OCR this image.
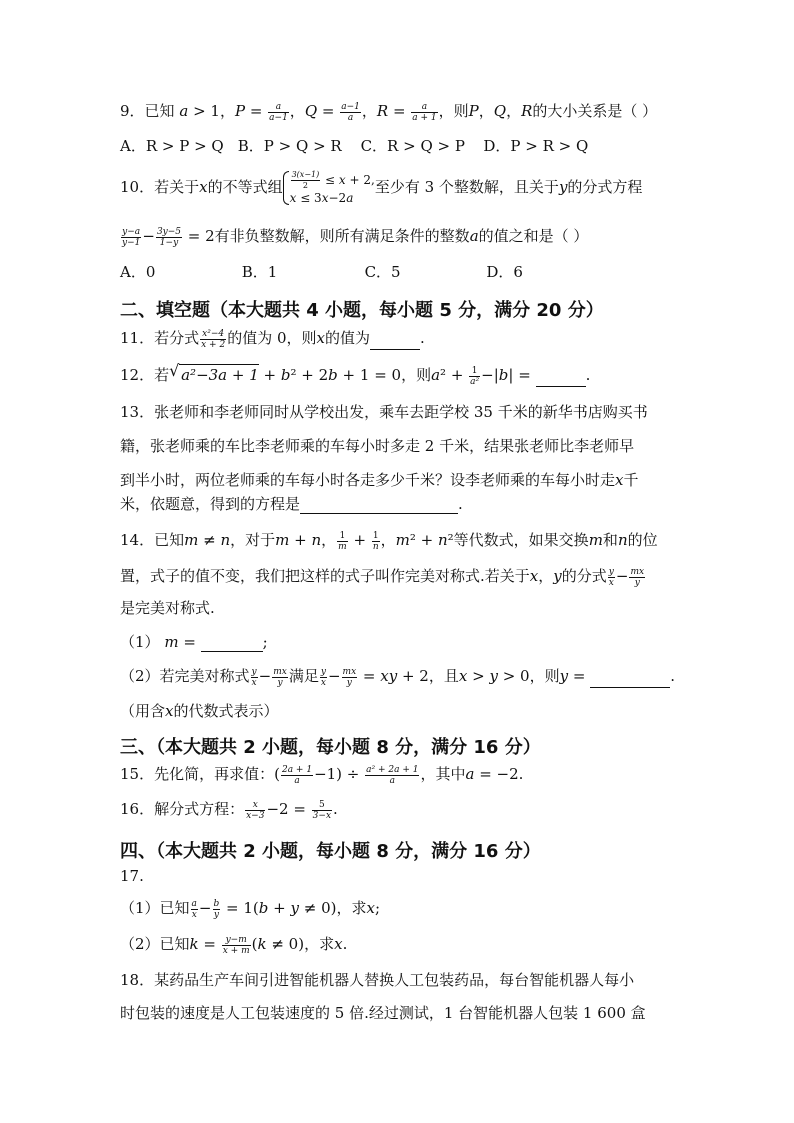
9．已知 a > 1，$P = \frac{a}{a-1}$ ，$Q = \frac{a-1}{a}$ ，$R = \frac{a}{a + 1}$ ，则P，Q，R的大小关系是（ ）
A．R > P > Q B．P > Q > R C．R > Q > P D．P > R > Q
10．若关于x的不等式组 $\frac{3(x-1)}{2} \le x + 2$,
x ≤ 3x−2a
至少有 3 个整数解，且关于y的分式方程
$\frac{y-a}{y-1} - \frac{3y-5}{1-y} = 2$有非负整数解，则所有满足条件的整数a的值之和是（ ）
A．0	B．1	C．5	D．6
二、填空题（本大题共 4 小题，每小题 5 分，满分 20 分）
11．若分式 $\frac{\text{x²−4}}{x + 2}$ 的值为 0，则x的值为	.
12．若√ a²−3a + 1 + b² + 2b + 1 = 0，则$a^2 + \frac{1}{\text{a²}} -|b|$ =	.
13．张老师和李老师同时从学校出发，乘车去距学校 35 千米的新华书店购买书
籍，张老师乘的车比李老师乘的车每小时多走 2 千米，结果张老师比李老师早
到半小时，两位老师乘的车每小时各走多少千米？设李老师乘的车每小时走x千
米，依题意，得到的方程是	.
14．已知m ≠ n，对于m + n， $\frac{1}{m} + \frac{1}{n}$ ，m² + n²等代数式，如果交换m和n的位
置，式子的值不变，我们把这样的式子叫作完美对称式.若关于x，y的分式 $\frac{y}{x} - \frac{mx}{y}$
是完美对称式.
（1） m =	;
（2）若完美对称式 $\frac{y}{x} - \frac{mx}{y}$ 满足 $\frac{y}{x} - \frac{mx}{y}$ = xy + 2，且x > y > 0，则y =	.
（用含x的代数式表示）
三、（本大题共 2 小题，每小题 8 分，满分 16 分）
15．先化简，再求值：( $\frac{2a + 1}{a} -1) \div \frac{\text{a² + 2a + 1}}{a}$ ，其中a = −2.
16．解分式方程： $\frac{x}{x-3} -2 = \frac{5}{3-x}$ .
四、（本大题共 2 小题，每小题 8 分，满分 16 分）
17.
（1）已知 $\frac{a}{x} - \frac{b}{y} = 1(b + y \ne 0)$，求x;
（2）已知$k = \frac{y-m}{x + m} (k \ne 0)$，求x.
18．某药品生产车间引进智能机器人替换人工包装药品，每台智能机器人每小
时包装的速度是人工包装速度的 5 倍.经过测试，1 台智能机器人包装 1 600 盒
